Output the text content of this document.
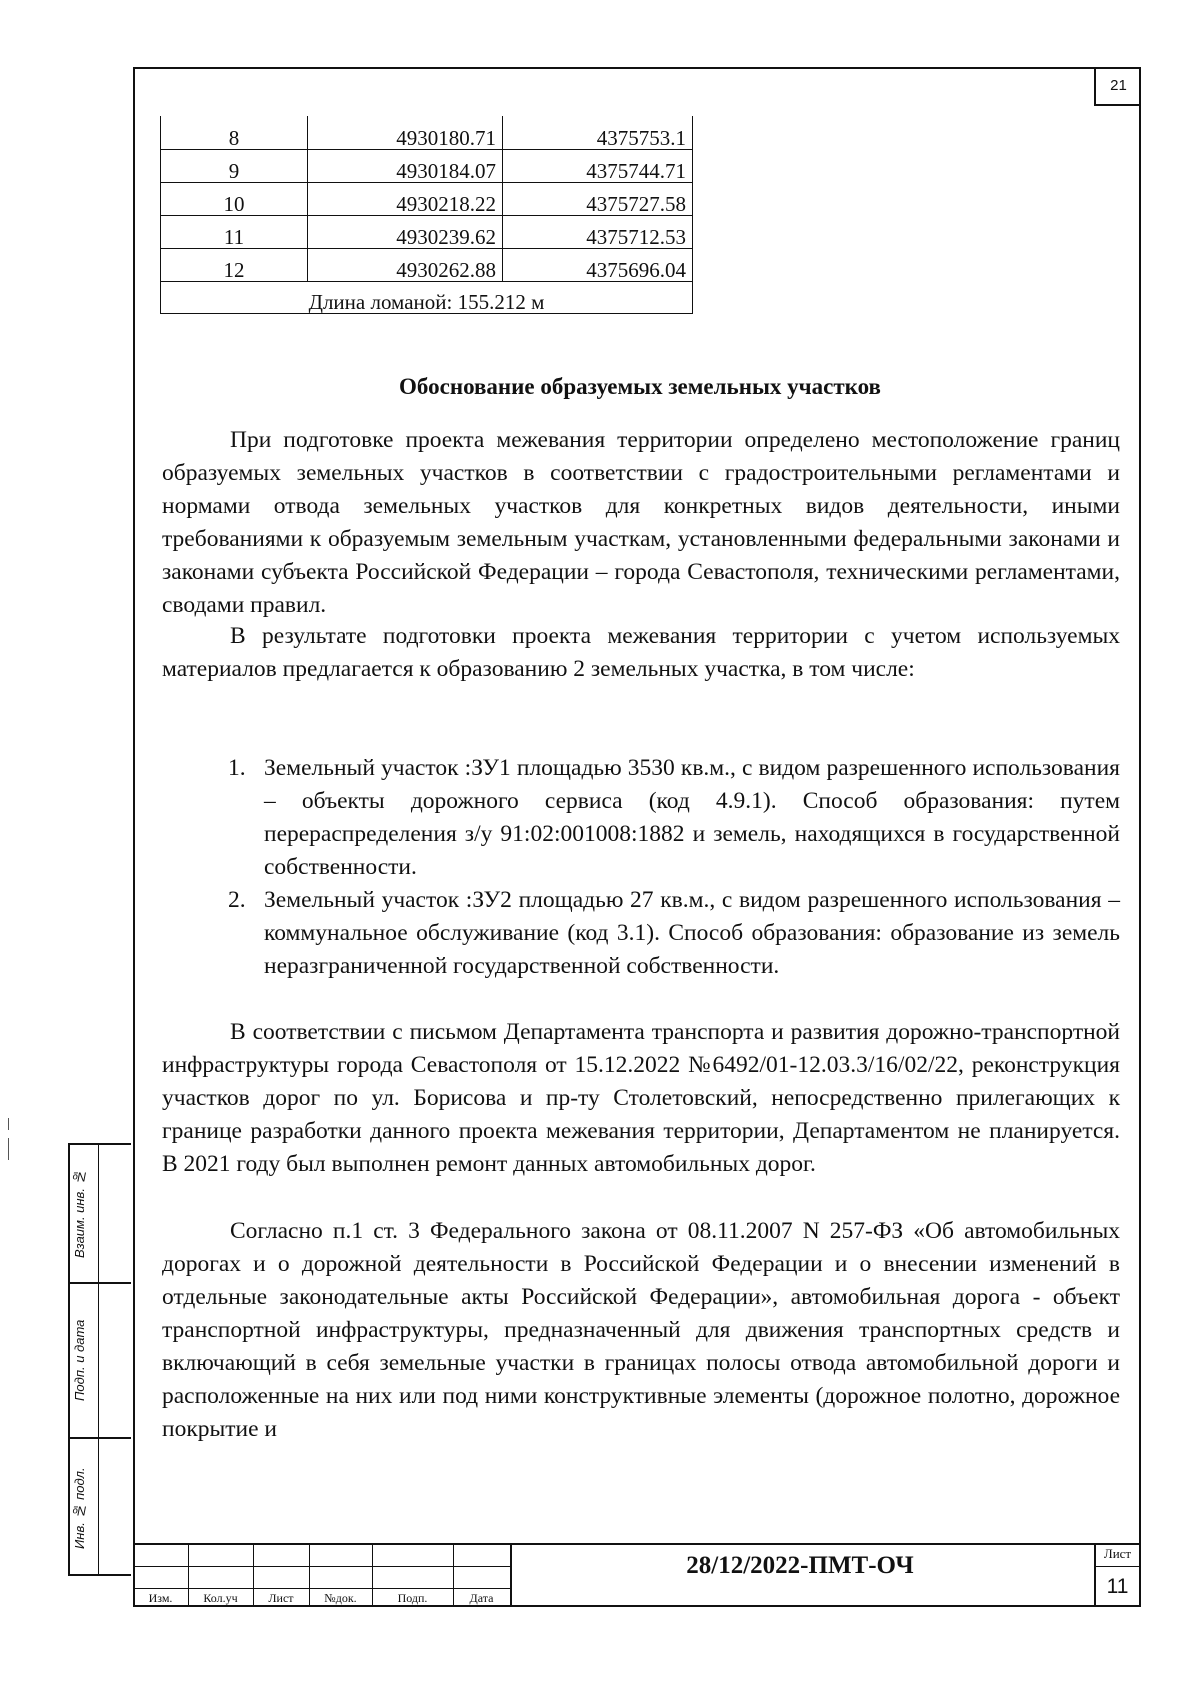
21
8	4930180.71	4375753.1
9	4930184.07	4375744.71
10	4930218.22	4375727.58
11	4930239.62	4375712.53
12	4930262.88	4375696.04
Длина ломаной: 155.212 м		
Обоснование образуемых земельных участков

При подготовке проекта межевания территории определено местоположение границ образуемых земельных участков в соответствии с градостроительными регламентами и нормами отвода земельных участков для конкретных видов деятельности, иными требованиями к образуемым земельным участкам, установленными федеральными законами и законами субъекта Российской Федерации – города Севастополя, техническими регламентами, сводами правил.

В результате подготовки проекта межевания территории с учетом используемых материалов предлагается к образованию 2 земельных участка, в том числе:

1. Земельный участок :ЗУ1 площадью 3530 кв.м., с видом разрешенного использования – объекты дорожного сервиса (код 4.9.1). Способ образования: путем перераспределения з/у 91:02:001008:1882 и земель, находящихся в государственной собственности.
2. Земельный участок :ЗУ2 площадью 27 кв.м., с видом разрешенного использования – коммунальное обслуживание (код 3.1). Способ образования: образование из земель неразграниченной государственной собственности.

В соответствии с письмом Департамента транспорта и развития дорожно-транспортной инфраструктуры города Севастополя от 15.12.2022 №6492/01-12.03.3/16/02/22, реконструкция участков дорог по ул. Борисова и пр-ту Столетовский, непосредственно прилегающих к границе разработки данного проекта межевания территории, Департаментом не планируется. В 2021 году был выполнен ремонт данных автомобильных дорог.

Согласно п.1 ст. 3 Федерального закона от 08.11.2007 N 257-ФЗ «Об автомобильных дорогах и о дорожной деятельности в Российской Федерации и о внесении изменений в отдельные законодательные акты Российской Федерации», автомобильная дорога - объект транспортной инфраструктуры, предназначенный для движения транспортных средств и включающий в себя земельные участки в границах полосы отвода автомобильной дороги и расположенные на них или под ними конструктивные элементы (дорожное полотно, дорожное покрытие и

Взаим. инв. №
Подп. и дата
Инв. № подл.
Изм.	Кол.уч	Лист	№док.	Подп.	Дата
28/12/2022-ПМТ-ОЧ	Лист
11
